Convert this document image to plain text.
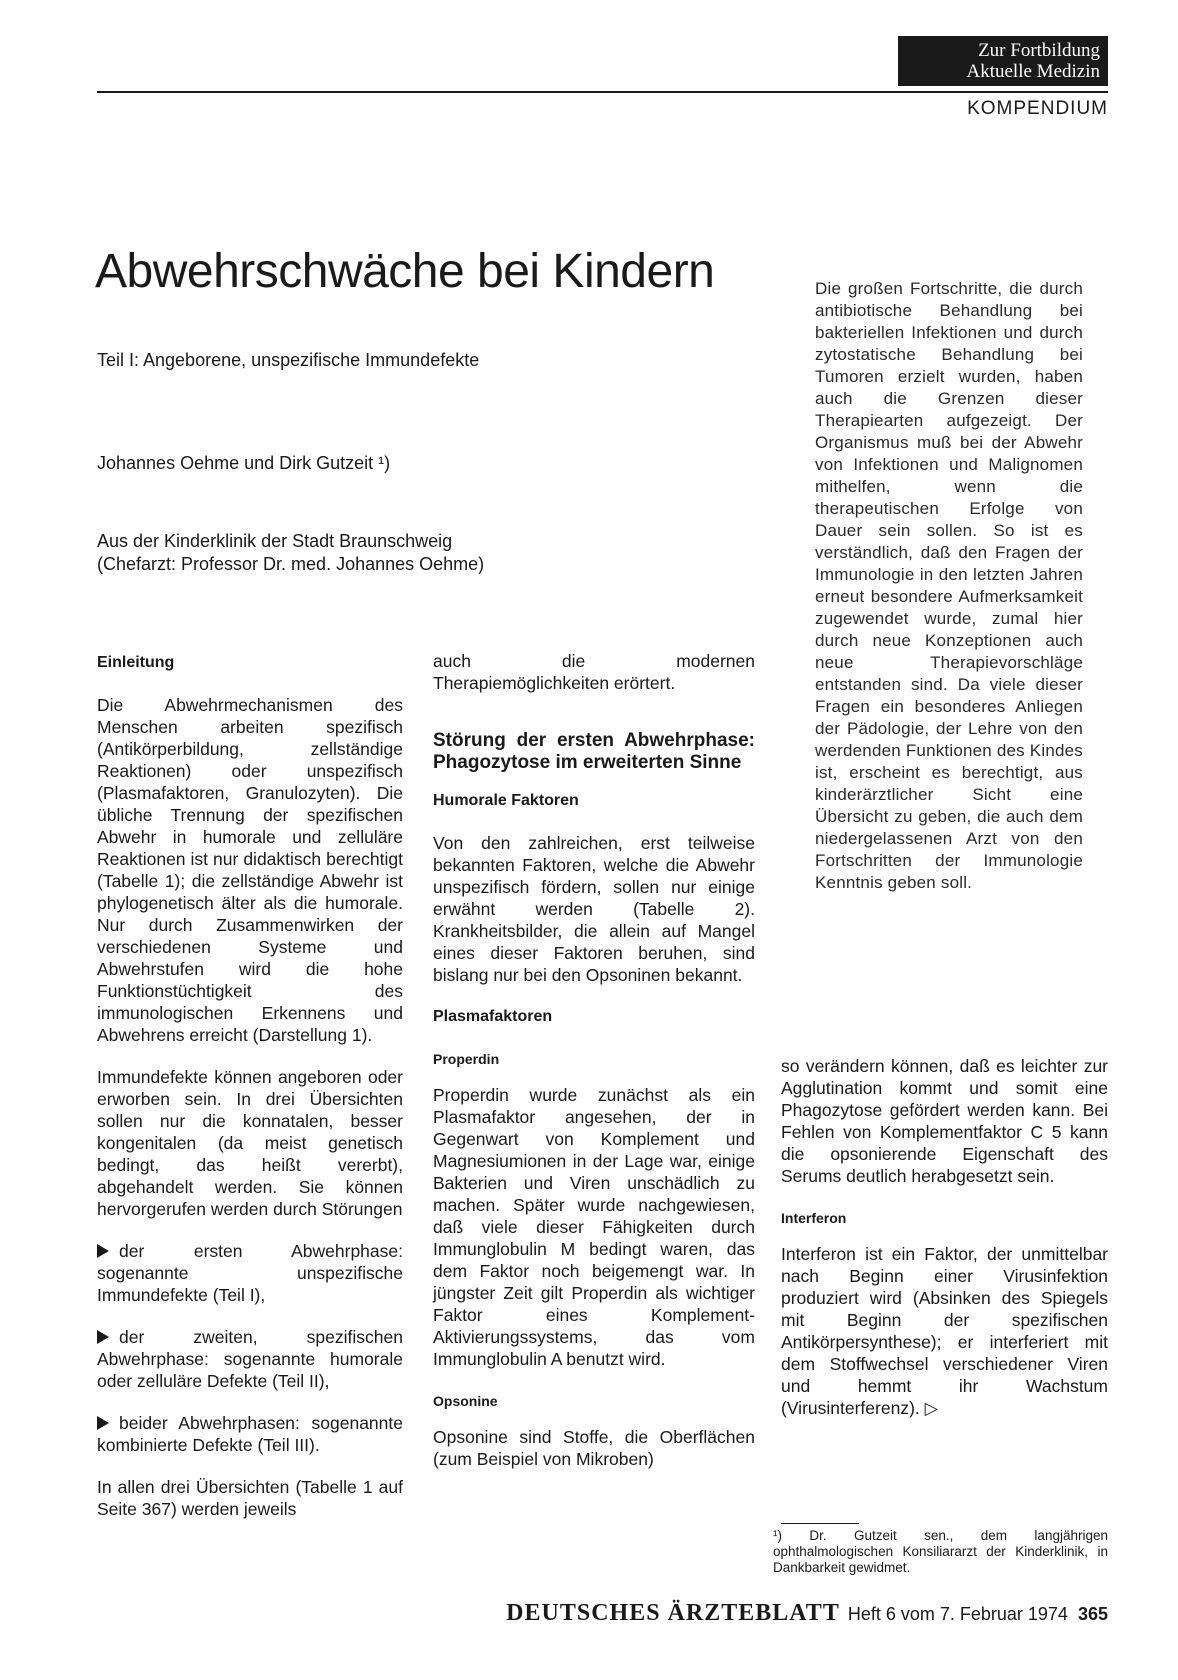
Zur Fortbildung
Aktuelle Medizin
KOMPENDIUM
Abwehrschwäche bei Kindern
Teil I: Angeborene, unspezifische Immundefekte
Johannes Oehme und Dirk Gutzeit ¹)
Aus der Kinderklinik der Stadt Braunschweig
(Chefarzt: Professor Dr. med. Johannes Oehme)
Die großen Fortschritte, die durch antibiotische Behandlung bei bakteriellen Infektionen und durch zytostatische Behandlung bei Tumoren erzielt wurden, haben auch die Grenzen dieser Therapiearten aufgezeigt. Der Organismus muß bei der Abwehr von Infektionen und Malignomen mithelfen, wenn die therapeutischen Erfolge von Dauer sein sollen. So ist es verständlich, daß den Fragen der Immunologie in den letzten Jahren erneut besondere Aufmerksamkeit zugewendet wurde, zumal hier durch neue Konzeptionen auch neue Therapievorschläge entstanden sind. Da viele dieser Fragen ein besonderes Anliegen der Pädologie, der Lehre von den werdenden Funktionen des Kindes ist, erscheint es berechtigt, aus kinderärztlicher Sicht eine Übersicht zu geben, die auch dem niedergelassenen Arzt von den Fortschritten der Immunologie Kenntnis geben soll.
Einleitung

Die Abwehrmechanismen des Menschen arbeiten spezifisch (Antikörperbildung, zellständige Reaktionen) oder unspezifisch (Plasmafaktoren, Granulozyten). Die übliche Trennung der spezifischen Abwehr in humorale und zelluläre Reaktionen ist nur didaktisch berechtigt (Tabelle 1); die zellständige Abwehr ist phylogenetisch älter als die humorale. Nur durch Zusammenwirken der verschiedenen Systeme und Abwehrstufen wird die hohe Funktionstüchtigkeit des immunologischen Erkennens und Abwehrens erreicht (Darstellung 1).

Immundefekte können angeboren oder erworben sein. In drei Übersichten sollen nur die konnatalen, besser kongenitalen (da meist genetisch bedingt, das heißt vererbt), abgehandelt werden. Sie können hervorgerufen werden durch Störungen

der ersten Abwehrphase: sogenannte unspezifische Immundefekte (Teil I),
der zweiten, spezifischen Abwehrphase: sogenannte humorale oder zelluläre Defekte (Teil II),
beider Abwehrphasen: sogenannte kombinierte Defekte (Teil III).

In allen drei Übersichten (Tabelle 1 auf Seite 367) werden jeweils

auch die modernen Therapiemöglichkeiten erörtert.

Störung der ersten Abwehrphase: Phagozytose im erweiterten Sinne
Humorale Faktoren

Von den zahlreichen, erst teilweise bekannten Faktoren, welche die Abwehr unspezifisch fördern, sollen nur einige erwähnt werden (Tabelle 2). Krankheitsbilder, die allein auf Mangel eines dieser Faktoren beruhen, sind bislang nur bei den Opsoninen bekannt.

Plasmafaktoren
Properdin

Properdin wurde zunächst als ein Plasmafaktor angesehen, der in Gegenwart von Komplement und Magnesiumionen in der Lage war, einige Bakterien und Viren unschädlich zu machen. Später wurde nachgewiesen, daß viele dieser Fähigkeiten durch Immunglobulin M bedingt waren, das dem Faktor noch beigemengt war. In jüngster Zeit gilt Properdin als wichtiger Faktor eines Komplement-Aktivierungssystems, das vom Immunglobulin A benutzt wird.

Opsonine

Opsonine sind Stoffe, die Oberflächen (zum Beispiel von Mikroben)

so verändern können, daß es leichter zur Agglutination kommt und somit eine Phagozytose gefördert werden kann. Bei Fehlen von Komplementfaktor C 5 kann die opsonierende Eigenschaft des Serums deutlich herabgesetzt sein.

Interferon

Interferon ist ein Faktor, der unmittelbar nach Beginn einer Virusinfektion produziert wird (Absinken des Spiegels mit Beginn der spezifischen Antikörpersynthese); er interferiert mit dem Stoffwechsel verschiedener Viren und hemmt ihr Wachstum (Virusinterferenz). ▷

¹) Dr. Gutzeit sen., dem langjährigen ophthalmologischen Konsiliararzt der Kinderklinik, in Dankbarkeit gewidmet.
DEUTSCHES ÄRZTEBLATT Heft 6 vom 7. Februar 1974 365
